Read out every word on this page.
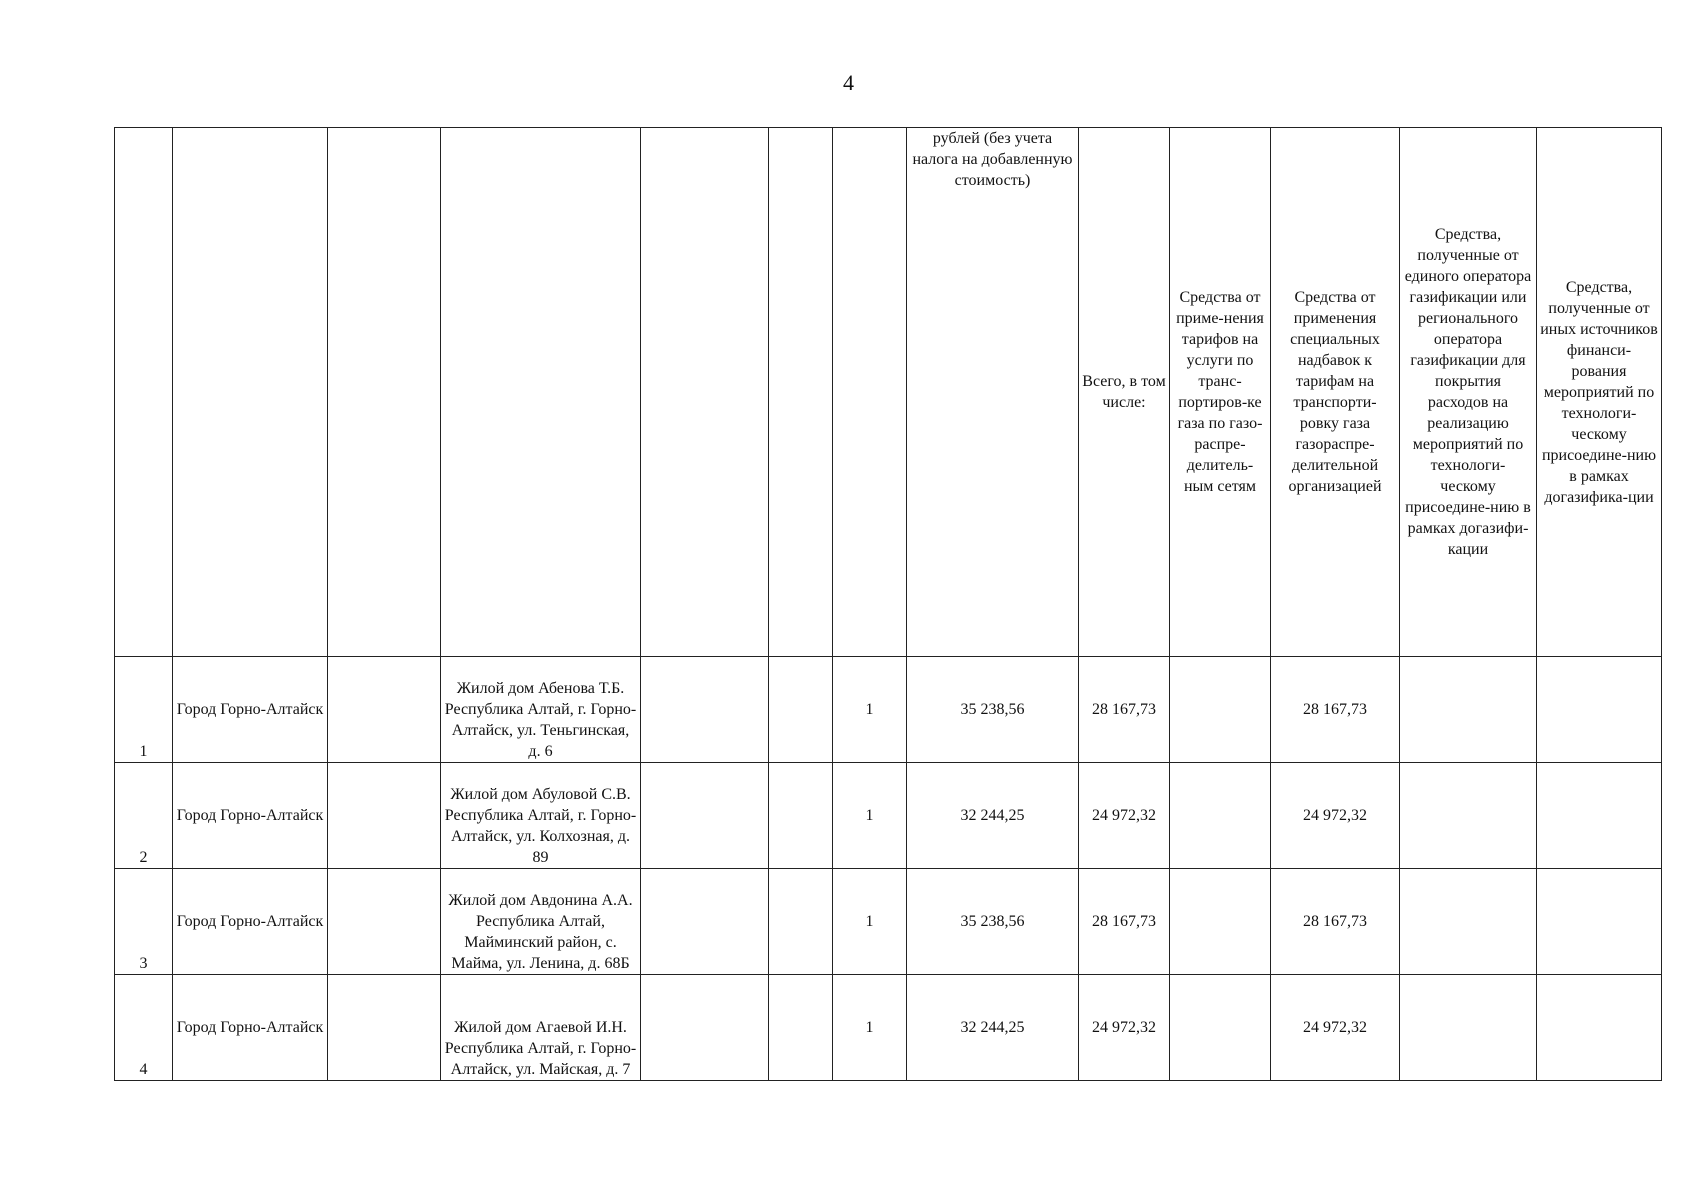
4
							рублей (без учета налога на добавленную стоимость)	Всего, в том числе:	Средства от приме-нения тарифов на услуги по транс-портиров-ке газа по газо-распре-делитель-ным сетям	Средства от применения специальных надбавок к тарифам на транспорти-ровку газа газораспре-делительной организацией	Средства, полученные от единого оператора газификации или регионального оператора газификации для покрытия расходов на реализацию мероприятий по технологи-ческому присоедине-нию в рамках догазифи-кации	Средства, полученные от иных источников финанси-рования мероприятий по технологи-ческому присоедине-нию в рамках догазифика-ции
1	Город Горно-Алтайск		Жилой дом Абенова Т.Б. Республика Алтай, г. Горно-Алтайск, ул. Теньгинская, д. 6			1	35 238,56	28 167,73		28 167,73		
2	Город Горно-Алтайск		Жилой дом Абуловой С.В. Республика Алтай, г. Горно-Алтайск, ул. Колхозная, д. 89			1	32 244,25	24 972,32		24 972,32		
3	Город Горно-Алтайск		Жилой дом Авдонина А.А. Республика Алтай, Майминский район, с. Майма, ул. Ленина, д. 68Б			1	35 238,56	28 167,73		28 167,73		
4	Город Горно-Алтайск		Жилой дом Агаевой И.Н. Республика Алтай, г. Горно-Алтайск, ул. Майская, д. 7			1	32 244,25	24 972,32		24 972,32		
